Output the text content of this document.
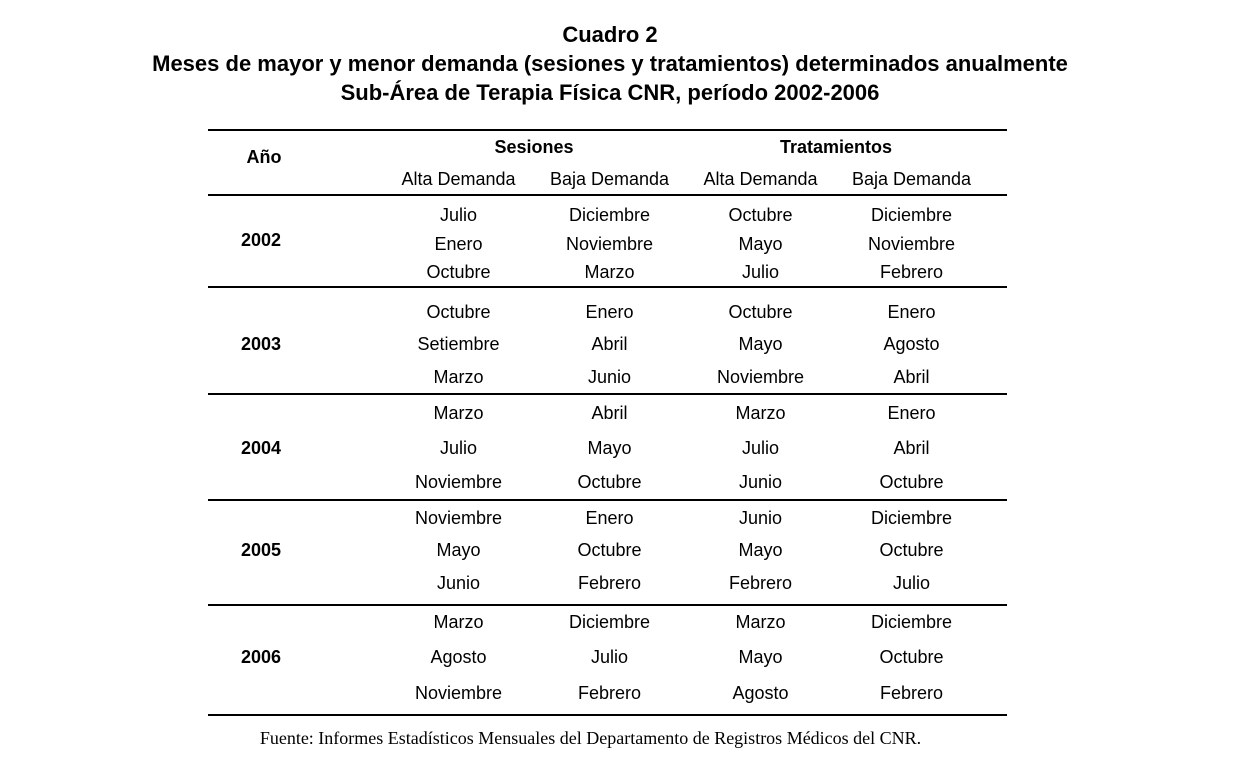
Cuadro 2
Meses de mayor y menor demanda (sesiones y tratamientos) determinados anualmente
Sub-Área de Terapia Física CNR, período 2002-2006
Año	Sesiones	Tratamientos
Alta Demanda	Baja Demanda	Alta Demanda	Baja Demanda
2002
Julio	Diciembre	Octubre	Diciembre
Enero	Noviembre	Mayo	Noviembre
Octubre	Marzo	Julio	Febrero
2003
Octubre	Enero	Octubre	Enero
Setiembre	Abril	Mayo	Agosto
Marzo	Junio	Noviembre	Abril
2004
Marzo	Abril	Marzo	Enero
Julio	Mayo	Julio	Abril
Noviembre	Octubre	Junio	Octubre
2005
Noviembre	Enero	Junio	Diciembre
Mayo	Octubre	Mayo	Octubre
Junio	Febrero	Febrero	Julio
2006
Marzo	Diciembre	Marzo	Diciembre
Agosto	Julio	Mayo	Octubre
Noviembre	Febrero	Agosto	Febrero
Fuente: Informes Estadísticos Mensuales del Departamento de Registros Médicos del CNR.
